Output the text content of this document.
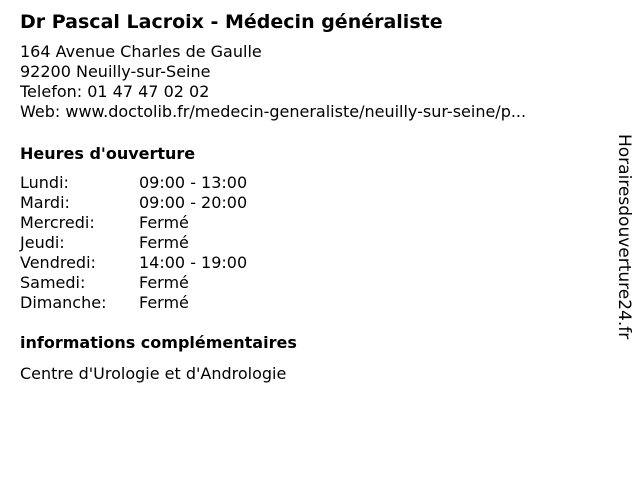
Dr Pascal Lacroix - Médecin généraliste
164 Avenue Charles de Gaulle
92200 Neuilly-sur-Seine
Telefon: 01 47 47 02 02
Web: www.doctolib.fr/medecin-generaliste/neuilly-sur-seine/p...
Heures d'ouverture
Lundi:	09:00 - 13:00
Mardi:	09:00 - 20:00
Mercredi:	Fermé
Jeudi:	Fermé
Vendredi:	14:00 - 19:00
Samedi:	Fermé
Dimanche:	Fermé
informations complémentaires
Centre d'Urologie et d'Andrologie
Horairesdouverture24.fr
